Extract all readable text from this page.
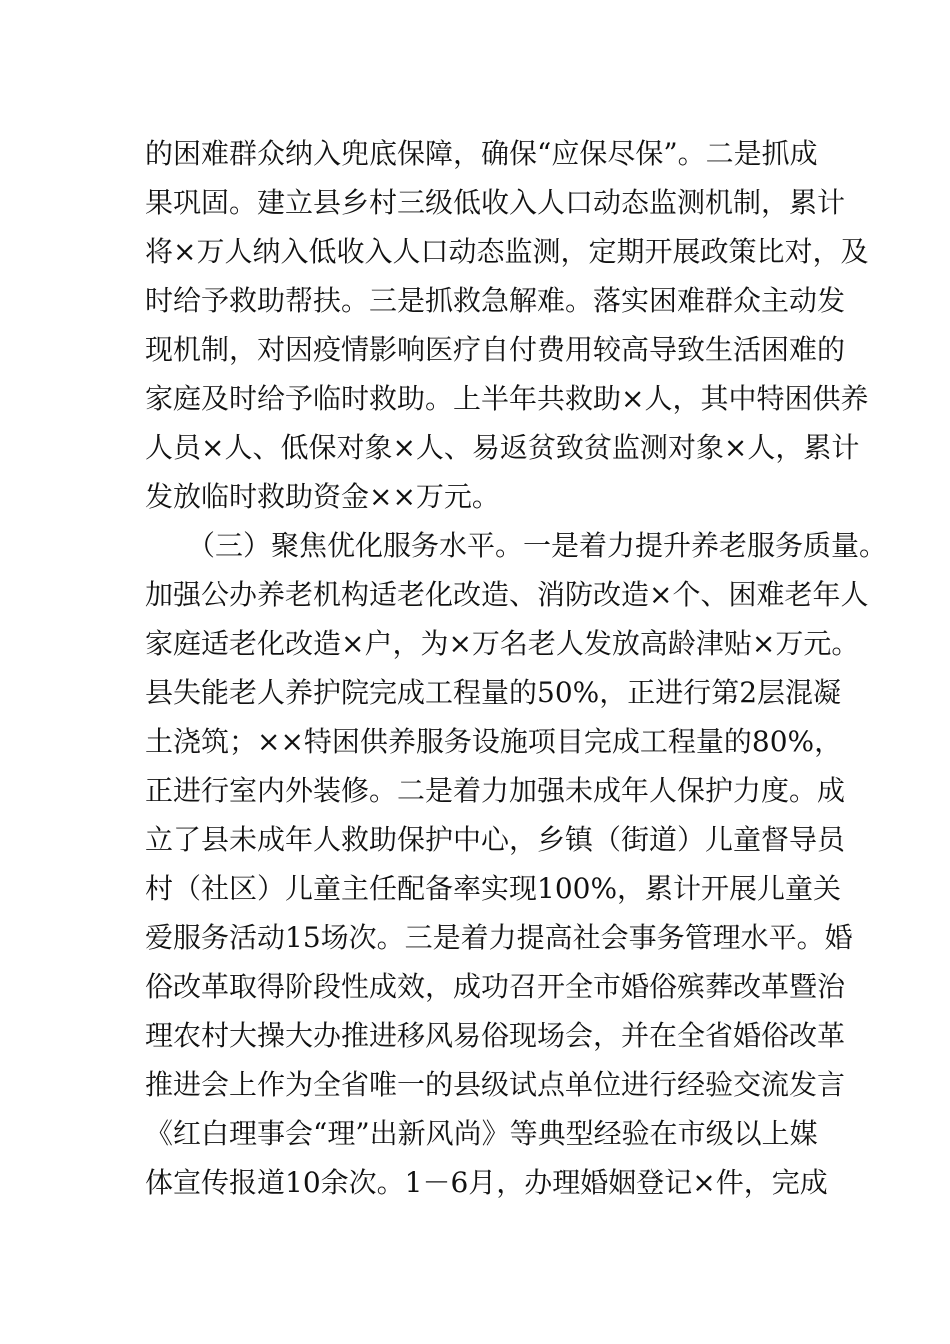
的困难群众纳入兜底保障，确保“应保尽保”。二是抓成
果巩固。建立县乡村三级低收入人口动态监测机制，累计
将×万人纳入低收入人口动态监测，定期开展政策比对，及
时给予救助帮扶。三是抓救急解难。落实困难群众主动发
现机制，对因疫情影响医疗自付费用较高导致生活困难的
家庭及时给予临时救助。上半年共救助×人，其中特困供养
人员×人、低保对象×人、易返贫致贫监测对象×人，累计
发放临时救助资金××万元。
（三）聚焦优化服务水平。一是着力提升养老服务质量。
加强公办养老机构适老化改造、消防改造×个、困难老年人
家庭适老化改造×户，为×万名老人发放高龄津贴×万元。
县失能老人养护院完成工程量的50%，正进行第2层混凝
土浇筑；××特困供养服务设施项目完成工程量的80%，
正进行室内外装修。二是着力加强未成年人保护力度。成
立了县未成年人救助保护中心，乡镇（街道）儿童督导员
村（社区）儿童主任配备率实现100%，累计开展儿童关
爱服务活动15场次。三是着力提高社会事务管理水平。婚
俗改革取得阶段性成效，成功召开全市婚俗殡葬改革暨治
理农村大操大办推进移风易俗现场会，并在全省婚俗改革
推进会上作为全省唯一的县级试点单位进行经验交流发言
《红白理事会“理”出新风尚》等典型经验在市级以上媒
体宣传报道10余次。1－6月，办理婚姻登记×件，完成
